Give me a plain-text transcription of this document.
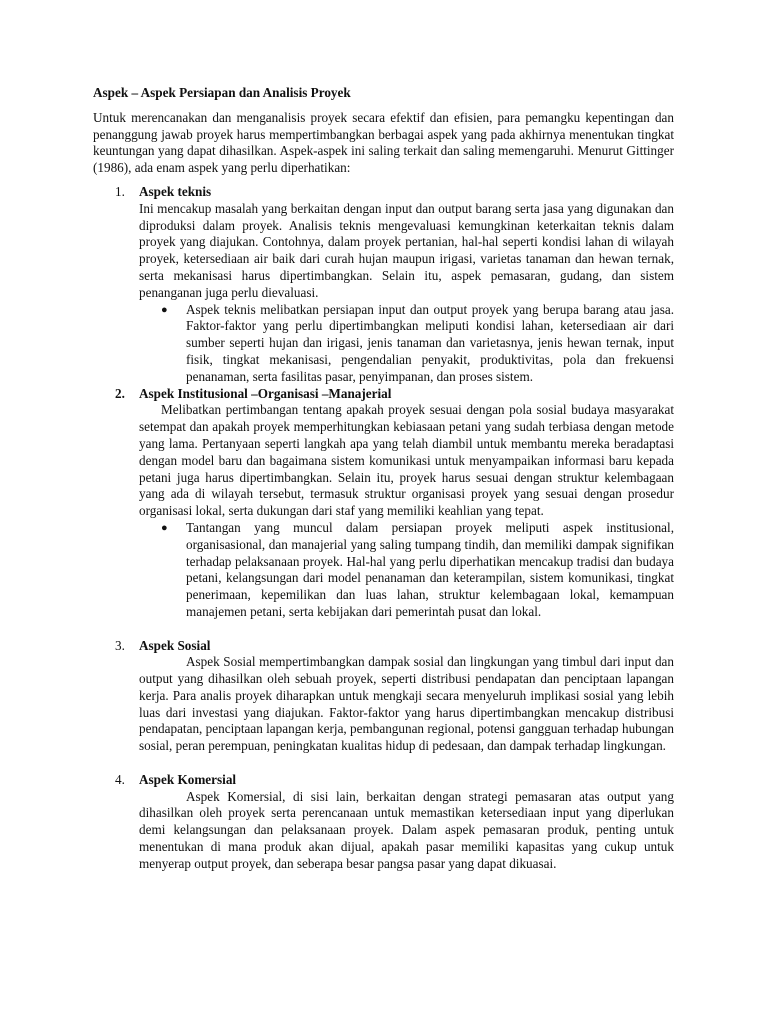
Aspek – Aspek Persiapan dan Analisis Proyek

Untuk merencanakan dan menganalisis proyek secara efektif dan efisien, para pemangku kepentingan dan penanggung jawab proyek harus mempertimbangkan berbagai aspek yang pada akhirnya menentukan tingkat keuntungan yang dapat dihasilkan. Aspek-aspek ini saling terkait dan saling memengaruhi. Menurut Gittinger (1986), ada enam aspek yang perlu diperhatikan:

1. Aspek teknis

Ini mencakup masalah yang berkaitan dengan input dan output barang serta jasa yang digunakan dan diproduksi dalam proyek. Analisis teknis mengevaluasi kemungkinan keterkaitan teknis dalam proyek yang diajukan. Contohnya, dalam proyek pertanian, hal-hal seperti kondisi lahan di wilayah proyek, ketersediaan air baik dari curah hujan maupun irigasi, varietas tanaman dan hewan ternak, serta mekanisasi harus dipertimbangkan. Selain itu, aspek pemasaran, gudang, dan sistem penanganan juga perlu dievaluasi.

● Aspek teknis melibatkan persiapan input dan output proyek yang berupa barang atau jasa. Faktor-faktor yang perlu dipertimbangkan meliputi kondisi lahan, ketersediaan air dari sumber seperti hujan dan irigasi, jenis tanaman dan varietasnya, jenis hewan ternak, input fisik, tingkat mekanisasi, pengendalian penyakit, produktivitas, pola dan frekuensi penanaman, serta fasilitas pasar, penyimpanan, dan proses sistem.
2. Aspek Institusional –Organisasi –Manajerial

Melibatkan pertimbangan tentang apakah proyek sesuai dengan pola sosial budaya masyarakat setempat dan apakah proyek memperhitungkan kebiasaan petani yang sudah terbiasa dengan metode yang lama. Pertanyaan seperti langkah apa yang telah diambil untuk membantu mereka beradaptasi dengan model baru dan bagaimana sistem komunikasi untuk menyampaikan informasi baru kepada petani juga harus dipertimbangkan. Selain itu, proyek harus sesuai dengan struktur kelembagaan yang ada di wilayah tersebut, termasuk struktur organisasi proyek yang sesuai dengan prosedur organisasi lokal, serta dukungan dari staf yang memiliki keahlian yang tepat.

● Tantangan yang muncul dalam persiapan proyek meliputi aspek institusional, organisasional, dan manajerial yang saling tumpang tindih, dan memiliki dampak signifikan terhadap pelaksanaan proyek. Hal-hal yang perlu diperhatikan mencakup tradisi dan budaya petani, kelangsungan dari model penanaman dan keterampilan, sistem komunikasi, tingkat penerimaan, kepemilikan dan luas lahan, struktur kelembagaan lokal, kemampuan manajemen petani, serta kebijakan dari pemerintah pusat dan lokal.
3. Aspek Sosial

Aspek Sosial mempertimbangkan dampak sosial dan lingkungan yang timbul dari input dan output yang dihasilkan oleh sebuah proyek, seperti distribusi pendapatan dan penciptaan lapangan kerja. Para analis proyek diharapkan untuk mengkaji secara menyeluruh implikasi sosial yang lebih luas dari investasi yang diajukan. Faktor-faktor yang harus dipertimbangkan mencakup distribusi pendapatan, penciptaan lapangan kerja, pembangunan regional, potensi gangguan terhadap hubungan sosial, peran perempuan, peningkatan kualitas hidup di pedesaan, dan dampak terhadap lingkungan.

4. Aspek Komersial

Aspek Komersial, di sisi lain, berkaitan dengan strategi pemasaran atas output yang dihasilkan oleh proyek serta perencanaan untuk memastikan ketersediaan input yang diperlukan demi kelangsungan dan pelaksanaan proyek. Dalam aspek pemasaran produk, penting untuk menentukan di mana produk akan dijual, apakah pasar memiliki kapasitas yang cukup untuk menyerap output proyek, dan seberapa besar pangsa pasar yang dapat dikuasai.
